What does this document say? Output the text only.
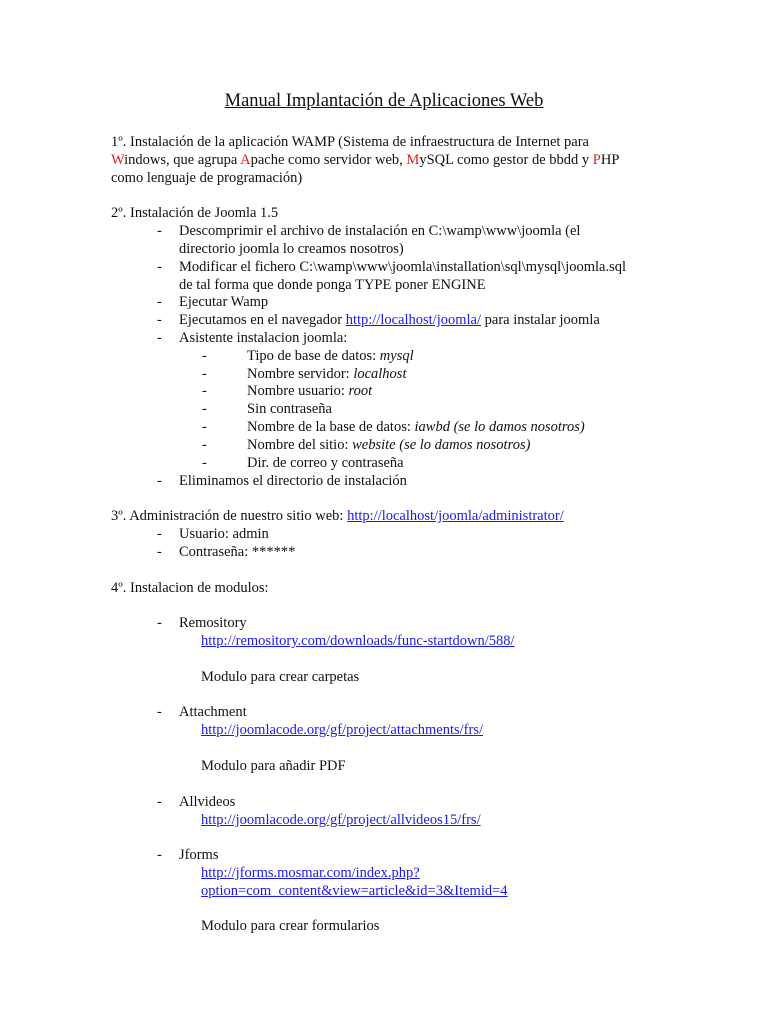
Manual Implantación de Aplicaciones Web
1º. Instalación de la aplicación WAMP (Sistema de infraestructura de Internet para
Windows, que agrupa Apache como servidor web, MySQL como gestor de bbdd y PHP
como lenguaje de programación)
2º. Instalación de Joomla 1.5
- Descomprimir el archivo de instalación en C:\wamp\www\joomla (el
directorio joomla lo creamos nosotros)
- Modificar el fichero C:\wamp\www\joomla\installation\sql\mysql\joomla.sql
de tal forma que donde ponga TYPE poner ENGINE
- Ejecutar Wamp
- Ejecutamos en el navegador http://localhost/joomla/ para instalar joomla
- Asistente instalacion joomla:
-	Tipo de base de datos: mysql
-	Nombre servidor: localhost
-	Nombre usuario: root
-	Sin contraseña
-	Nombre de la base de datos: iawbd (se lo damos nosotros)
-	Nombre del sitio: website (se lo damos nosotros)
-	Dir. de correo y contraseña
- Eliminamos el directorio de instalación
3º. Administración de nuestro sitio web: http://localhost/joomla/administrator/
- Usuario: admin
- Contraseña: ******
4º. Instalacion de modulos:
- Remository
http://remository.com/downloads/func-startdown/588/
Modulo para crear carpetas
- Attachment
http://joomlacode.org/gf/project/attachments/frs/
Modulo para añadir PDF
- Allvideos
http://joomlacode.org/gf/project/allvideos15/frs/
- Jforms
http://jforms.mosmar.com/index.php?
option=com_content&view=article&id=3&Itemid=4
Modulo para crear formularios
